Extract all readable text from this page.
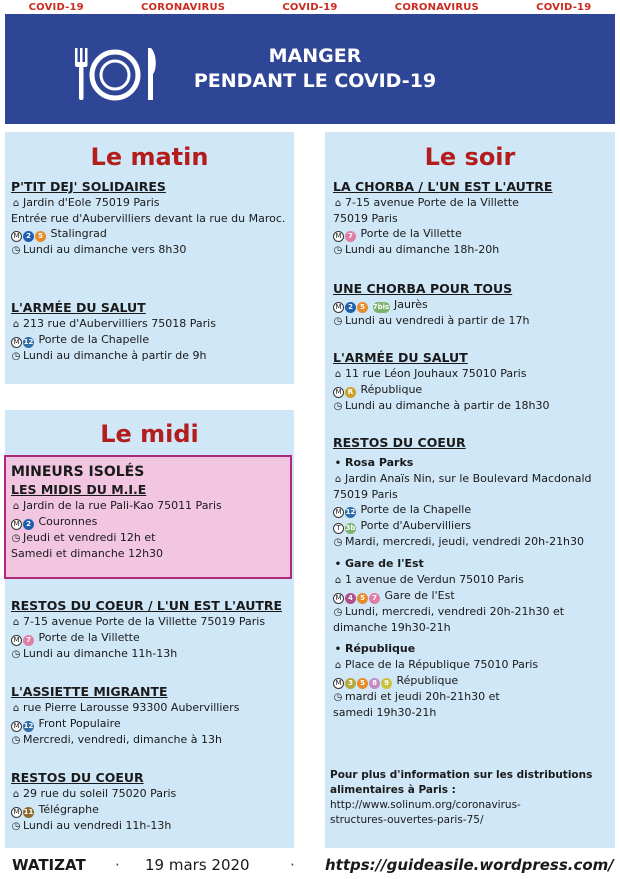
COVID-19	CORONAVIRUS	COVID-19	CORONAVIRUS	COVID-19
MANGER
PENDANT LE COVID-19
Le matin
P'TIT DEJ' SOLIDAIRES
⌂ Jardin d'Eole 75019 Paris
Entrée rue d'Aubervilliers devant la rue du Maroc.
M 2 5 Stalingrad
◷ Lundi au dimanche vers 8h30
L'ARMÉE DU SALUT
⌂ 213 rue d'Aubervilliers 75018 Paris
M 12 Porte de la Chapelle
◷ Lundi au dimanche à partir de 9h
Le midi
MINEURS ISOLÉS
LES MIDIS DU M.I.E
⌂ Jardin de la rue Pali-Kao 75011 Paris
M 2 Couronnes
◷ Jeudi et vendredi 12h et
Samedi et dimanche 12h30
RESTOS DU COEUR / L'UN EST L'AUTRE
⌂ 7-15 avenue Porte de la Villette 75019 Paris
M 7 Porte de la Villette
◷ Lundi au dimanche 11h-13h
L'ASSIETTE MIGRANTE
⌂ rue Pierre Larousse 93300 Aubervilliers
M 12 Front Populaire
◷ Mercredi, vendredi, dimanche à 13h
RESTOS DU COEUR
⌂ 29 rue du soleil 75020 Paris
M 11 Télégraphe
◷ Lundi au vendredi 11h-13h
Le soir
LA CHORBA / L'UN EST L'AUTRE
⌂ 7-15 avenue Porte de la Villette
75019 Paris
M 7 Porte de la Villette
◷ Lundi au dimanche 18h-20h
UNE CHORBA POUR TOUS
M 2 5 7bis Jaurès
◷ Lundi au vendredi à partir de 17h
L'ARMÉE DU SALUT
⌂ 11 rue Léon Jouhaux 75010 Paris
M R République
◷ Lundi au dimanche à partir de 18h30
RESTOS DU COEUR
• Rosa Parks
⌂ Jardin Anaïs Nin, sur le Boulevard Macdonald 75019 Paris
M 12 Porte de la Chapelle
T 3b Porte d'Aubervilliers
◷ Mardi, mercredi, jeudi, vendredi 20h-21h30
• Gare de l'Est
⌂ 1 avenue de Verdun 75010 Paris
M 4 5 7 Gare de l'Est
◷ Lundi, mercredi, vendredi 20h-21h30 et
dimanche 19h30-21h
• République
⌂ Place de la République 75010 Paris
M 3 5 8 9 République
◷ mardi et jeudi 20h-21h30 et
samedi 19h30-21h
Pour plus d'information sur les distributions
alimentaires à Paris :
http://www.solinum.org/coronavirus-
structures-ouvertes-paris-75/
WATIZAT · 19 mars 2020	· https://guideasile.wordpress.com/
